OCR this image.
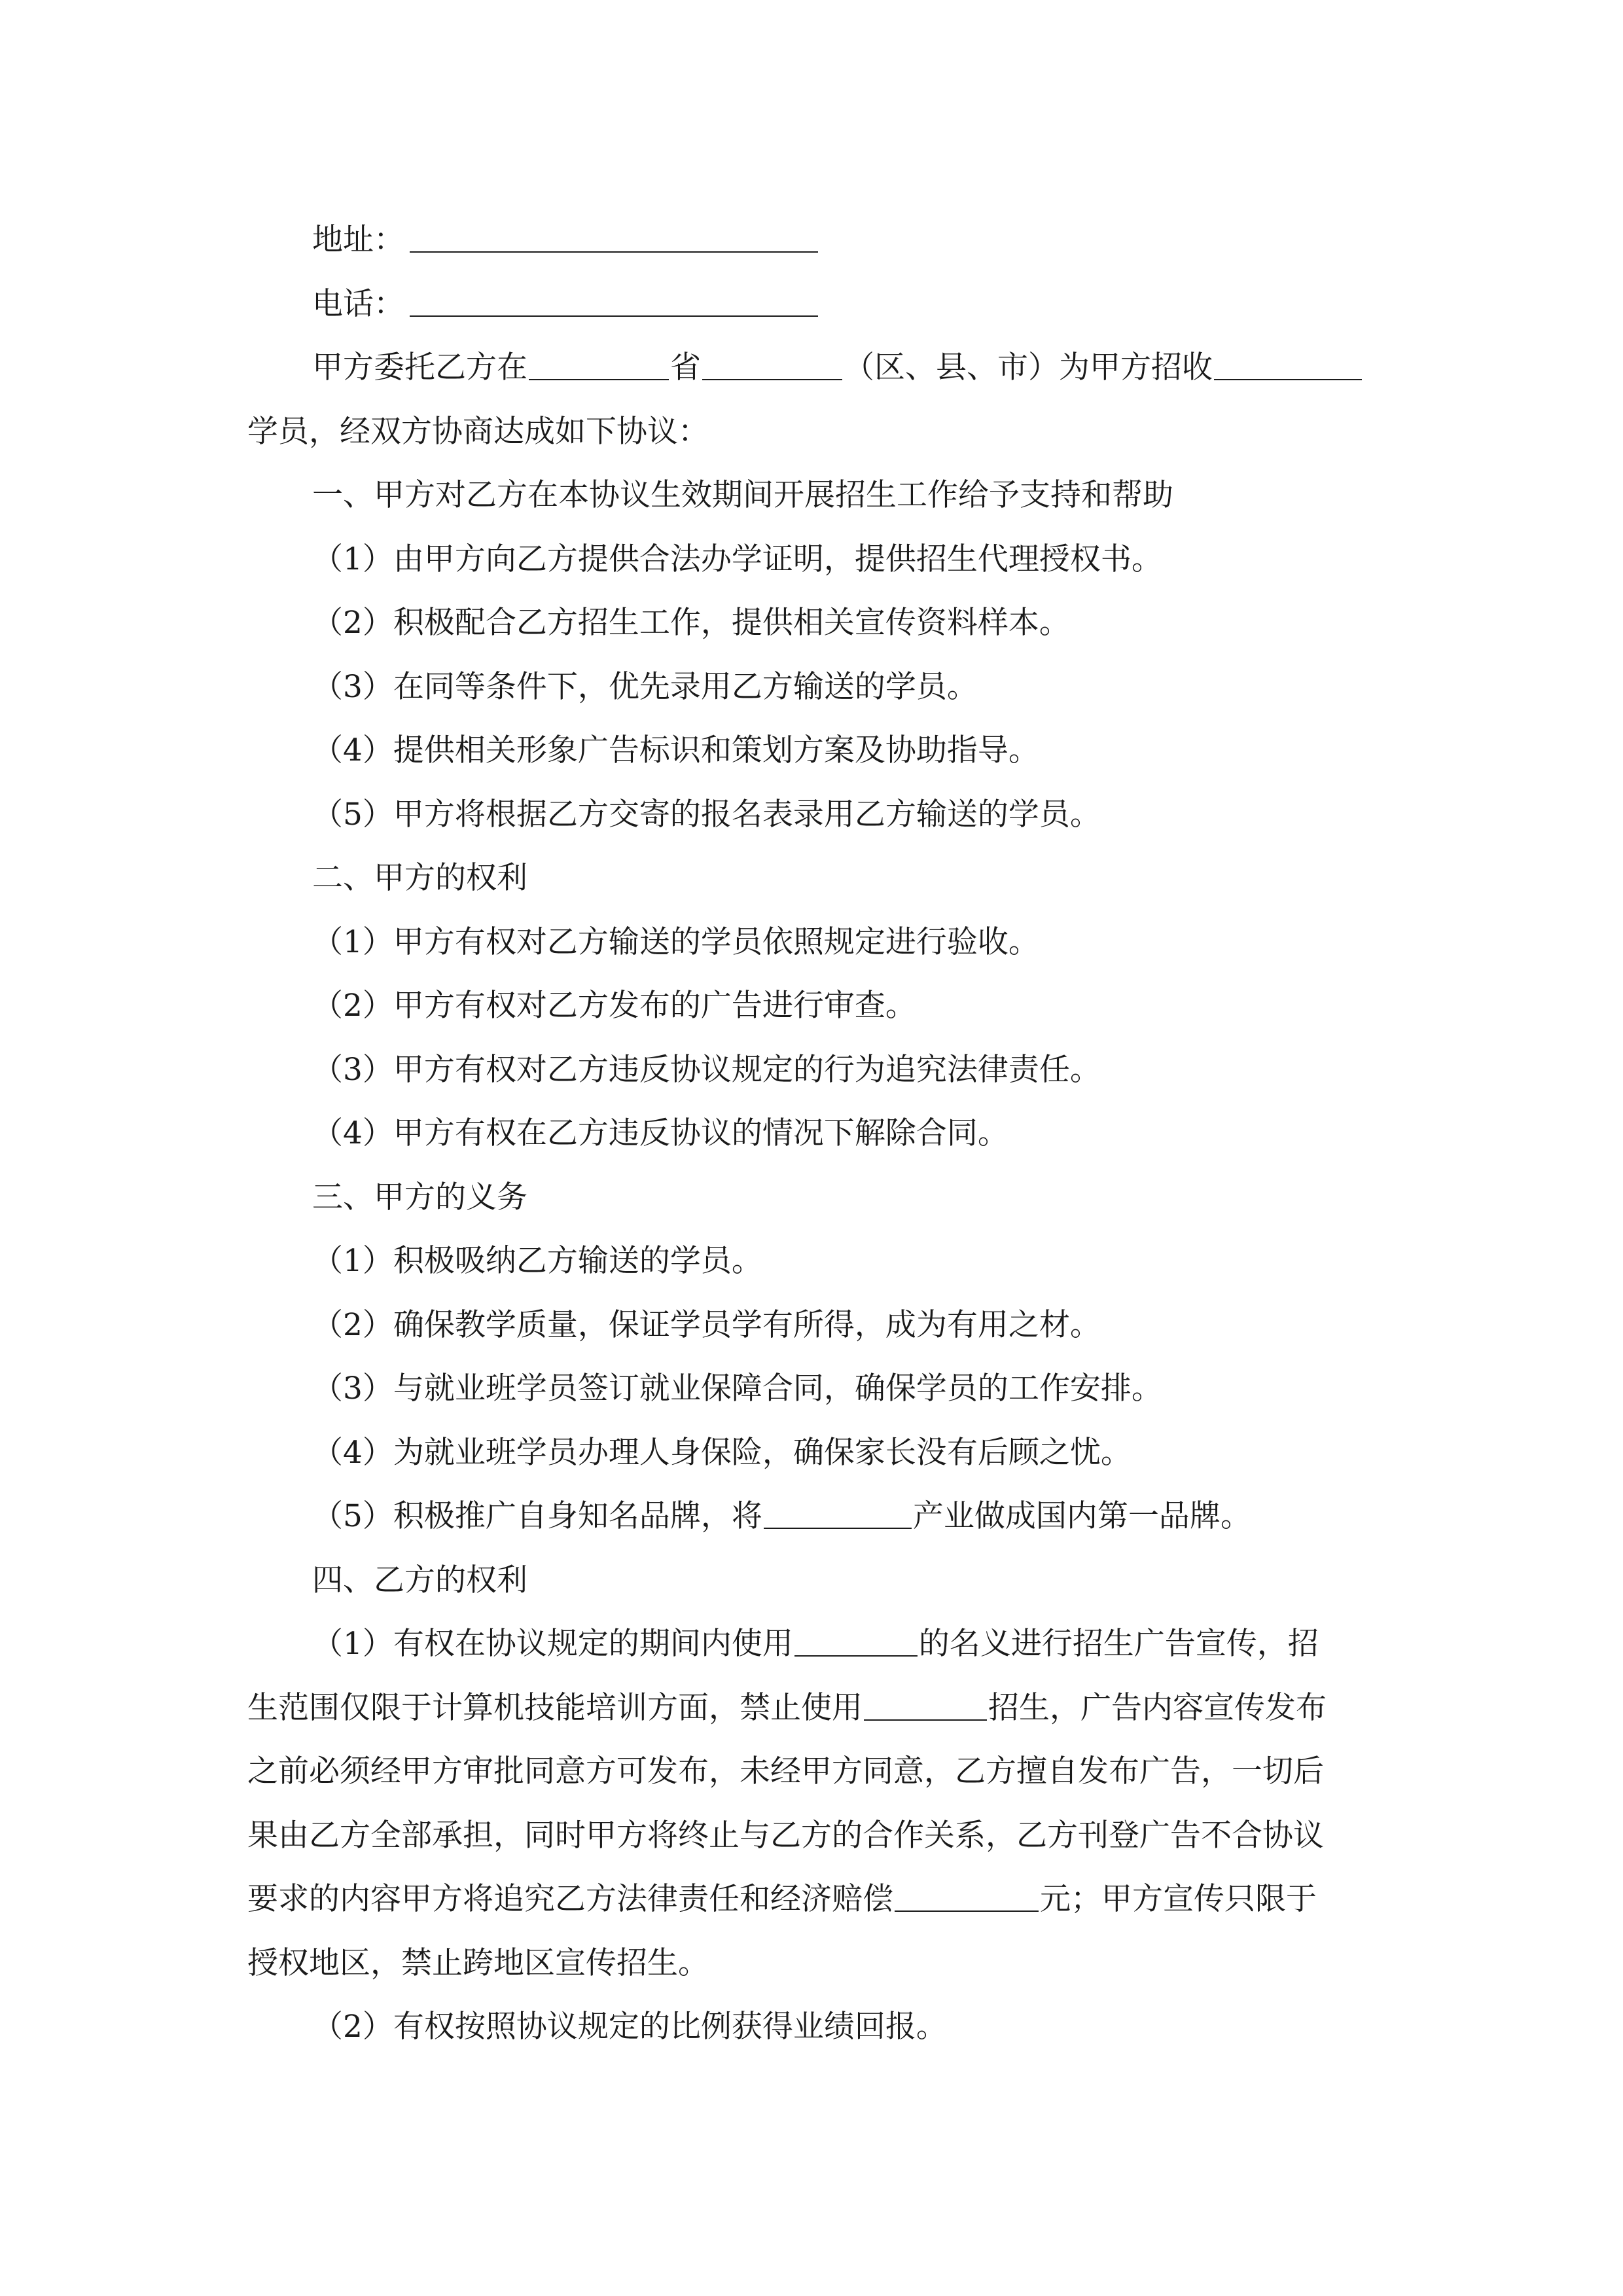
地址：
电话：
甲方委托乙方在	省	（区、县、市）为甲方招收
学员，经双方协商达成如下协议：
一、甲方对乙方在本协议生效期间开展招生工作给予支持和帮助
（1）由甲方向乙方提供合法办学证明，提供招生代理授权书。
（2）积极配合乙方招生工作，提供相关宣传资料样本。
（3）在同等条件下，优先录用乙方输送的学员。
（4）提供相关形象广告标识和策划方案及协助指导。
（5）甲方将根据乙方交寄的报名表录用乙方输送的学员。
二、甲方的权利
（1）甲方有权对乙方输送的学员依照规定进行验收。
（2）甲方有权对乙方发布的广告进行审查。
（3）甲方有权对乙方违反协议规定的行为追究法律责任。
（4）甲方有权在乙方违反协议的情况下解除合同。
三、甲方的义务
（1）积极吸纳乙方输送的学员。
（2）确保教学质量，保证学员学有所得，成为有用之材。
（3）与就业班学员签订就业保障合同，确保学员的工作安排。
（4）为就业班学员办理人身保险，确保家长没有后顾之忧。
（5）积极推广自身知名品牌，将	产业做成国内第一品牌。
四、乙方的权利
（1）有权在协议规定的期间内使用	的名义进行招生广告宣传，招
生范围仅限于计算机技能培训方面，禁止使用	招生，广告内容宣传发布
之前必须经甲方审批同意方可发布，未经甲方同意，乙方擅自发布广告，一切后
果由乙方全部承担，同时甲方将终止与乙方的合作关系，乙方刊登广告不合协议
要求的内容甲方将追究乙方法律责任和经济赔偿	元；甲方宣传只限于
授权地区，禁止跨地区宣传招生。
（2）有权按照协议规定的比例获得业绩回报。
